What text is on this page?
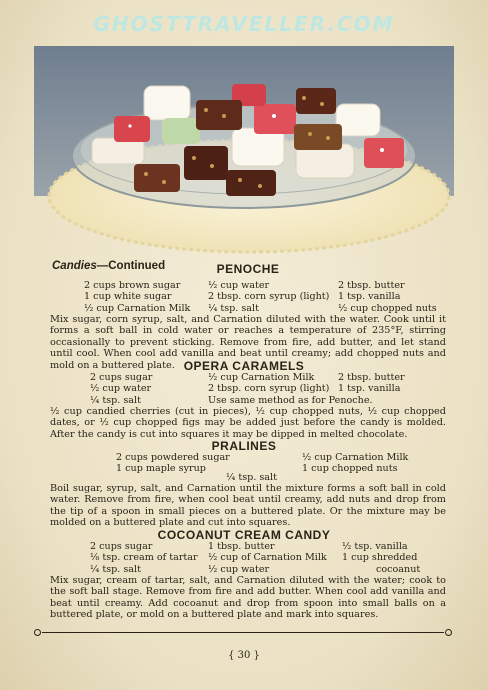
GHOSTTRAVELLER.COM
Candies—Continued	PENOCHE
2 cups brown sugar
1 cup white sugar
½ cup Carnation Milk
½ cup water
2 tbsp. corn syrup (light)
¼ tsp. salt
2 tbsp. butter
1 tsp. vanilla
½ cup chopped nuts
Mix sugar, corn syrup, salt, and Carnation diluted with the water. Cook until it forms a soft ball in cold water or reaches a temperature of 235°F, stirring occasionally to prevent sticking. Remove from fire, add butter, and let stand until cool. When cool add vanilla and beat until creamy; add chopped nuts and mold on a buttered plate. OPERA CARAMELS
2 cups sugar
½ cup water
¼ tsp. salt
½ cup Carnation Milk
2 tbsp. corn syrup (light)
Use same method as for Penoche.
2 tbsp. butter
1 tsp. vanilla
½ cup candied cherries (cut in pieces), ½ cup chopped nuts, ½ cup chopped dates, or ½ cup chopped figs may be added just before the candy is molded. After the candy is cut into squares it may be dipped in melted chocolate.
PRALINES
2 cups powdered sugar
1 cup maple syrup
½ cup Carnation Milk
1 cup chopped nuts
¼ tsp. salt
Boil sugar, syrup, salt, and Carnation until the mixture forms a soft ball in cold water. Remove from fire, when cool beat until creamy, add nuts and drop from the tip of a spoon in small pieces on a buttered plate. Or the mixture may be molded on a buttered plate and cut into squares.
COCOANUT CREAM CANDY
2 cups sugar
⅛ tsp. cream of tartar
¼ tsp. salt
1 tbsp. butter
½ cup of Carnation Milk
½ cup water
½ tsp. vanilla
1 cup shredded
cocoanut
Mix sugar, cream of tartar, salt, and Carnation diluted with the water; cook to the soft ball stage. Remove from fire and add butter. When cool add vanilla and beat until creamy. Add cocoanut and drop from spoon into small balls on a buttered plate, or mold on a buttered plate and mark into squares.
{ 30 }
